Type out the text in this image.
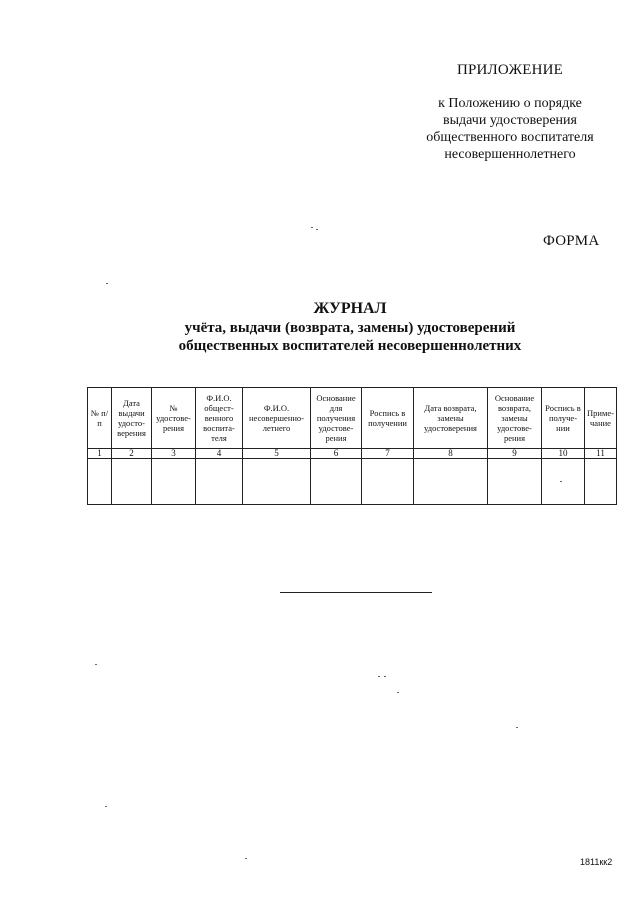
ПРИЛОЖЕНИЕ
к Положению о порядке
выдачи удостоверения
общественного воспитателя
несовершеннолетнего
ФОРМА
ЖУРНАЛ
учёта, выдачи (возврата, замены) удостоверений
общественных воспитателей несовершеннолетних
№ п/п	Дата выдачи удосто-верения	№ удостове-рения	Ф.И.О. общест-венного воспита-теля	Ф.И.О. несовершенно-летнего	Основание для получения удостове-рения	Роспись в получении	Дата возврата, замены удостоверения	Основание возврата, замены удостове-рения	Роспись в получе-нии	Приме-чание
1	2	3	4	5	6	7	8	9	10	11

1811кк2
